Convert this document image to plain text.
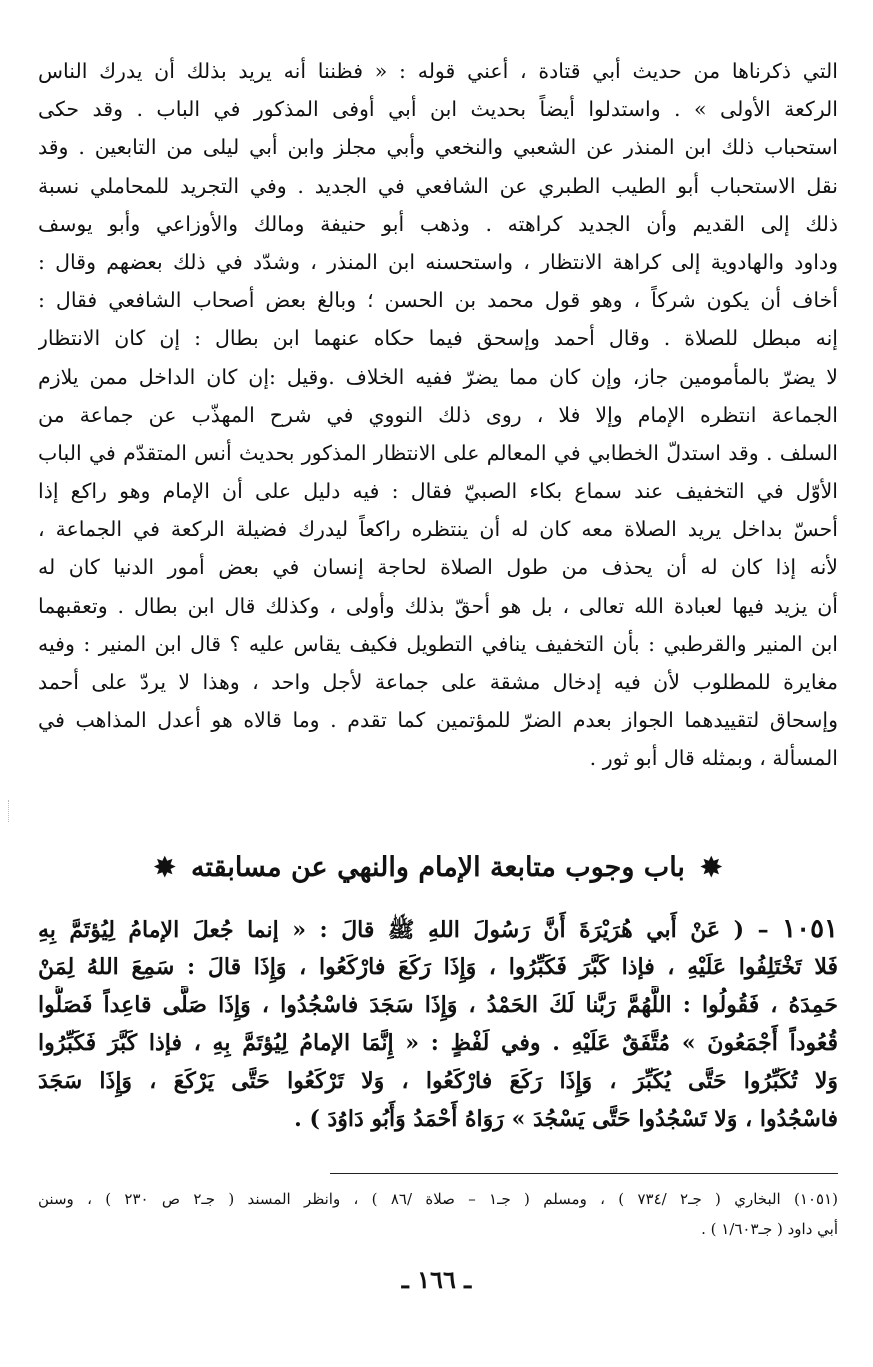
التي ذكرناها من حديث أبي قتادة ، أعني قوله : « فظننا أنه يريد بذلك أن يدرك الناس
الركعة الأولى » . واستدلوا أيضاً بحديث ابن أبي أوفى المذكور في الباب . وقد حكى
استحباب ذلك ابن المنذر عن الشعبي والنخعي وأبي مجلز وابن أبي ليلى من التابعين . وقد
نقل الاستحباب أبو الطيب الطبري عن الشافعي في الجديد . وفي التجريد للمحاملي نسبة
ذلك إلى القديم وأن الجديد كراهته . وذهب أبو حنيفة ومالك والأوزاعي وأبو يوسف
وداود والهادوية إلى كراهة الانتظار ، واستحسنه ابن المنذر ، وشدّد في ذلك بعضهم وقال :
أخاف أن يكون شركاً ، وهو قول محمد بن الحسن ؛ وبالغ بعض أصحاب الشافعي فقال :
إنه مبطل للصلاة . وقال أحمد وإسحق فيما حكاه عنهما ابن بطال : إن كان الانتظار
لا يضرّ بالمأمومين جاز، وإن كان مما يضرّ ففيه الخلاف .وقيل :إن كان الداخل ممن يلازم
الجماعة انتظره الإمام وإلا فلا ، روى ذلك النووي في شرح المهذّب عن جماعة من
السلف . وقد استدلّ الخطابي في المعالم على الانتظار المذكور بحديث أنس المتقدّم في الباب
الأوّل في التخفيف عند سماع بكاء الصبيّ فقال : فيه دليل على أن الإمام وهو راكع إذا
أحسّ بداخل يريد الصلاة معه كان له أن ينتظره راكعاً ليدرك فضيلة الركعة في الجماعة ،
لأنه إذا كان له أن يحذف من طول الصلاة لحاجة إنسان في بعض أمور الدنيا كان له
أن يزيد فيها لعبادة الله تعالى ، بل هو أحقّ بذلك وأولى ، وكذلك قال ابن بطال . وتعقبهما
ابن المنير والقرطبي : بأن التخفيف ينافي التطويل فكيف يقاس عليه ؟ قال ابن المنير : وفيه
مغايرة للمطلوب لأن فيه إدخال مشقة على جماعة لأجل واحد ، وهذا لا يردّ على أحمد
وإسحاق لتقييدهما الجواز بعدم الضرّ للمؤتمين كما تقدم . وما قالاه هو أعدل المذاهب في
المسألة ، وبمثله قال أبو ثور .
✸ باب وجوب متابعة الإمام والنهي عن مسابقته ✸
١٠٥١ – ( عَنْ أَبي هُرَيْرَةَ أَنَّ رَسُولَ اللهِ ﷺ قالَ : « إنما جُعلَ الإمامُ لِيُؤتَمَّ بِهِ
فَلا تَخْتَلِفُوا عَلَيْهِ ، فإذا كَبَّرَ فَكَبِّرُوا ، وَإِذَا رَكَعَ فارْكَعُوا ، وَإِذَا قالَ : سَمِعَ اللهُ لِمَنْ
حَمِدَهُ ، فَقُولُوا : اللَّهُمَّ رَبَّنا لَكَ الحَمْدُ ، وَإِذَا سَجَدَ فاسْجُدُوا ، وَإِذَا صَلَّى قاعِداً فَصَلُّوا
قُعُوداً أَجْمَعُونَ » مُتَّفَقٌ عَلَيْهِ . وفي لَفْظٍ : « إِنَّمَا الإمامُ لِيُؤتَمَّ بِهِ ، فإذا كَبَّرَ فَكَبِّرُوا
وَلا تُكَبِّرُوا حَتَّى يُكَبِّرَ ، وَإِذَا رَكَعَ فارْكَعُوا ، وَلا تَرْكَعُوا حَتَّى يَرْكَعَ ، وَإِذَا سَجَدَ
فاسْجُدُوا ، وَلا تَسْجُدُوا حَتَّى يَسْجُدَ » رَوَاهُ أَحْمَدُ وَأَبُو دَاوُدَ ) .
(١٠٥١) البخاري ( جـ٢ /٧٣٤ ) ، ومسلم ( جـ١ – صلاة /٨٦ ) ، وانظر المسند ( جـ٢ ص ٢٣٠ ) ، وسنن
أبي داود ( جـ١/٦٠٣ ) .
ـ ١٦٦ ـ
